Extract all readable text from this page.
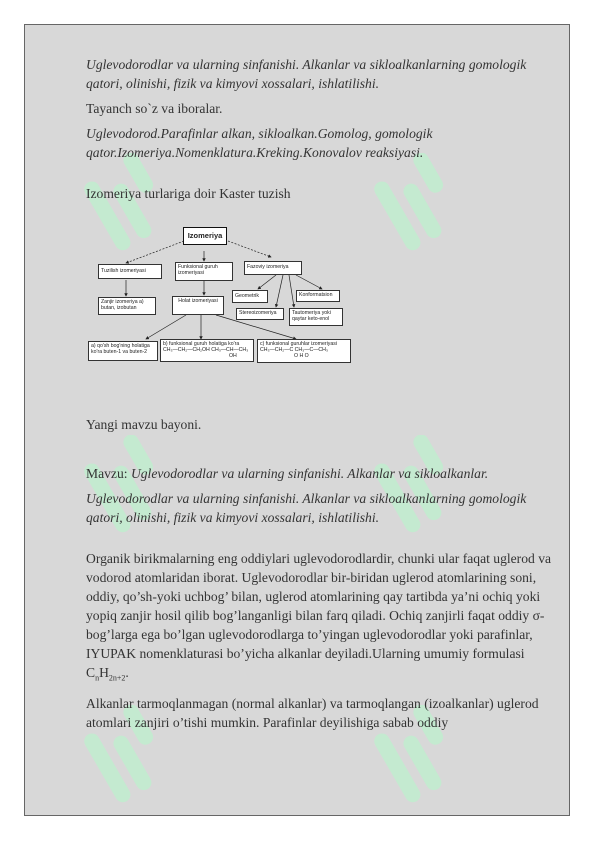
Uglevodorodlar va ularning sinfanishi. Alkanlar va sikloalkanlarning gomologik qatori, olinishi, fizik va kimyovi xossalari, ishlatilishi.

Tayanch so`z va iboralar.

Uglevodorod.Parafinlar alkan, sikloalkan.Gomolog, gomologik qator.Izomeriya.Nomenklatura.Kreking.Konovalov reaksiyasi.

Izomeriya turlariga doir Kaster tuzish

Izomeriya
Tuzilish izomeriyasi
Funksional guruh izomeriyasi
Fazoviy izomeriya
Zanjir izomeriya a) butan, izobutan
Holat izomeriyasi
Geometrik	Konformatsion
Stereoizomeriya	Tautomeriya yoki qaytar ketо-enol
a) qo'sh bog'ning holatiga ko'ra butеn-1 va butеn-2
b) funksional guruh holatiga ko'ra
CH₃—CH₂—CH₂OH CH₃—CH—CH₃
OH
c) funksional guruhlar izomeriyasi
CH₃—CH₂—C CH₃—C—CH₃
O H O

Yangi mavzu bayoni.

Mavzu: Uglevodorodlar va ularning sinfanishi. Alkanlar va sikloalkanlar.

Uglevodorodlar va ularning sinfanishi. Alkanlar va sikloalkanlarning gomologik qatori, olinishi, fizik va kimyovi xossalari, ishlatilishi.

Organik birikmalarning eng oddiylari uglevodorodlardir, chunki ular faqat uglerod va vodorod atomlaridan iborat. Uglevodorodlar bir-biridan uglerod atomlarining soni, oddiy, qo’sh-yoki uchbog’ bilan, uglerod atomlarining qay tartibda ya’ni ochiq yoki yopiq zanjir hosil qilib bog’langanligi bilan farq qiladi. Ochiq zanjirli faqat oddiy σ-bog’larga ega bo’lgan uglevodorodlarga to’yingan uglevodorodlar yoki parafinlar, IYUPAK nomenklaturasi bo’yicha alkanlar deyiladi.Ularning umumiy formulasi $C_nH_{2n+2}$.

Alkanlar tarmoqlanmagan (normal alkanlar) va tarmoqlangan (izoalkanlar) uglerod atomlari zanjiri o’tishi mumkin. Parafinlar deyilishiga sabab oddiy
